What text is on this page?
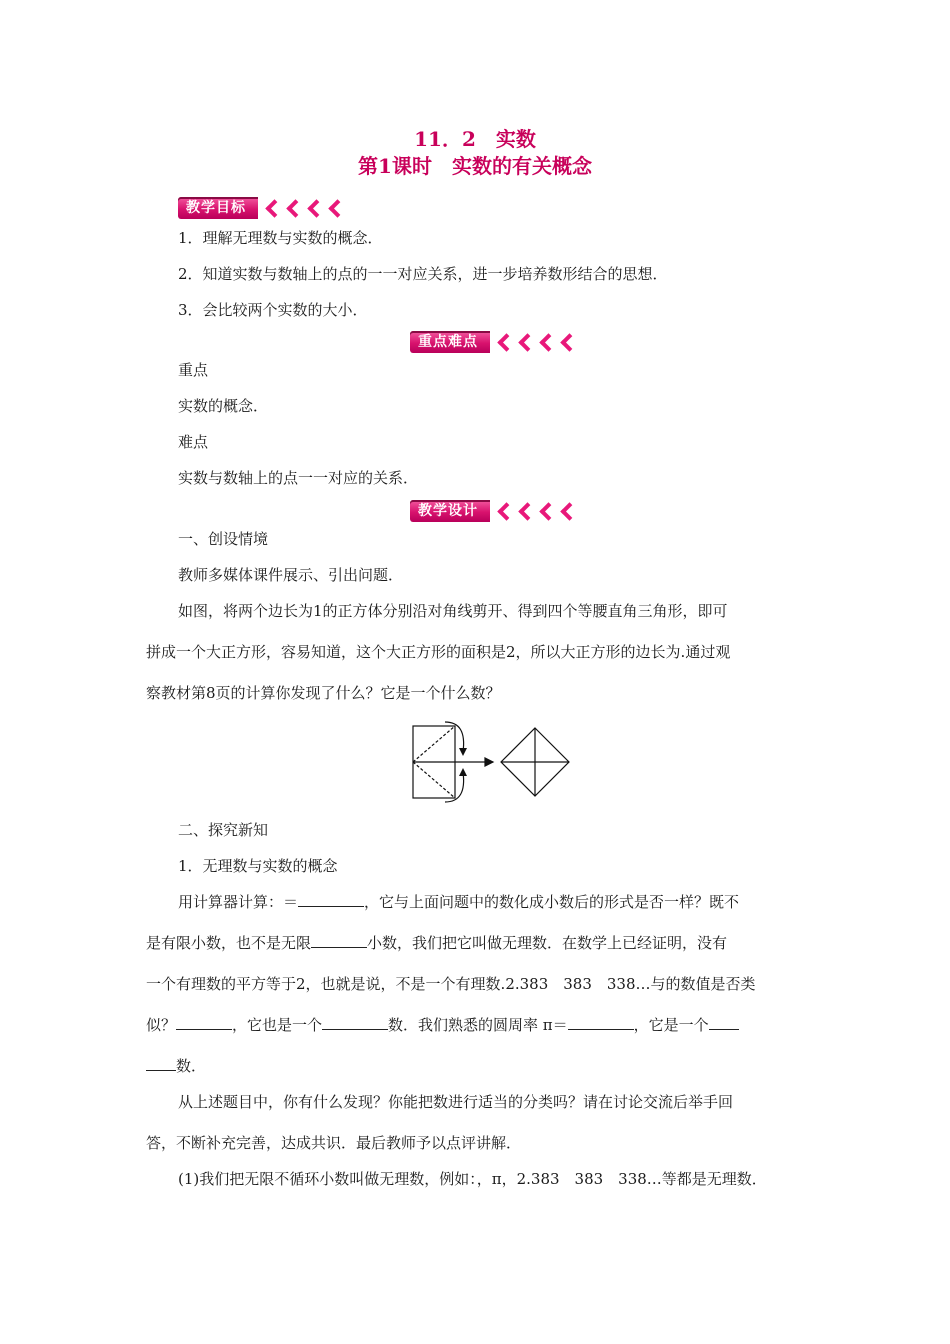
11．2　实数
第1课时　实数的有关概念
教学目标
1．理解无理数与实数的概念．
2．知道实数与数轴上的点的一一对应关系，进一步培养数形结合的思想．
3．会比较两个实数的大小．
重点难点
重点
实数的概念．
难点
实数与数轴上的点一一对应的关系．
教学设计
一、创设情境
教师多媒体课件展示、引出问题．
如图，将两个边长为1的正方体分别沿对角线剪开、得到四个等腰直角三角形，即可
拼成一个大正方形，容易知道，这个大正方形的面积是2，所以大正方形的边长为.通过观
察教材第8页的计算你发现了什么？它是一个什么数？
二、探究新知
1．无理数与实数的概念
用计算器计算：＝	，它与上面问题中的数化成小数后的形式是否一样？既不
是有限小数，也不是无限	小数，我们把它叫做无理数．在数学上已经证明，没有
一个有理数的平方等于2，也就是说，不是一个有理数.2.383　383　338…与的数值是否类
似？	，它也是一个	数．我们熟悉的圆周率 π＝	，它是一个
数．
从上述题目中，你有什么发现？你能把数进行适当的分类吗？请在讨论交流后举手回
答，不断补充完善，达成共识．最后教师予以点评讲解．
(1)我们把无限不循环小数叫做无理数，例如：，π，2.383　383　338…等都是无理数．
